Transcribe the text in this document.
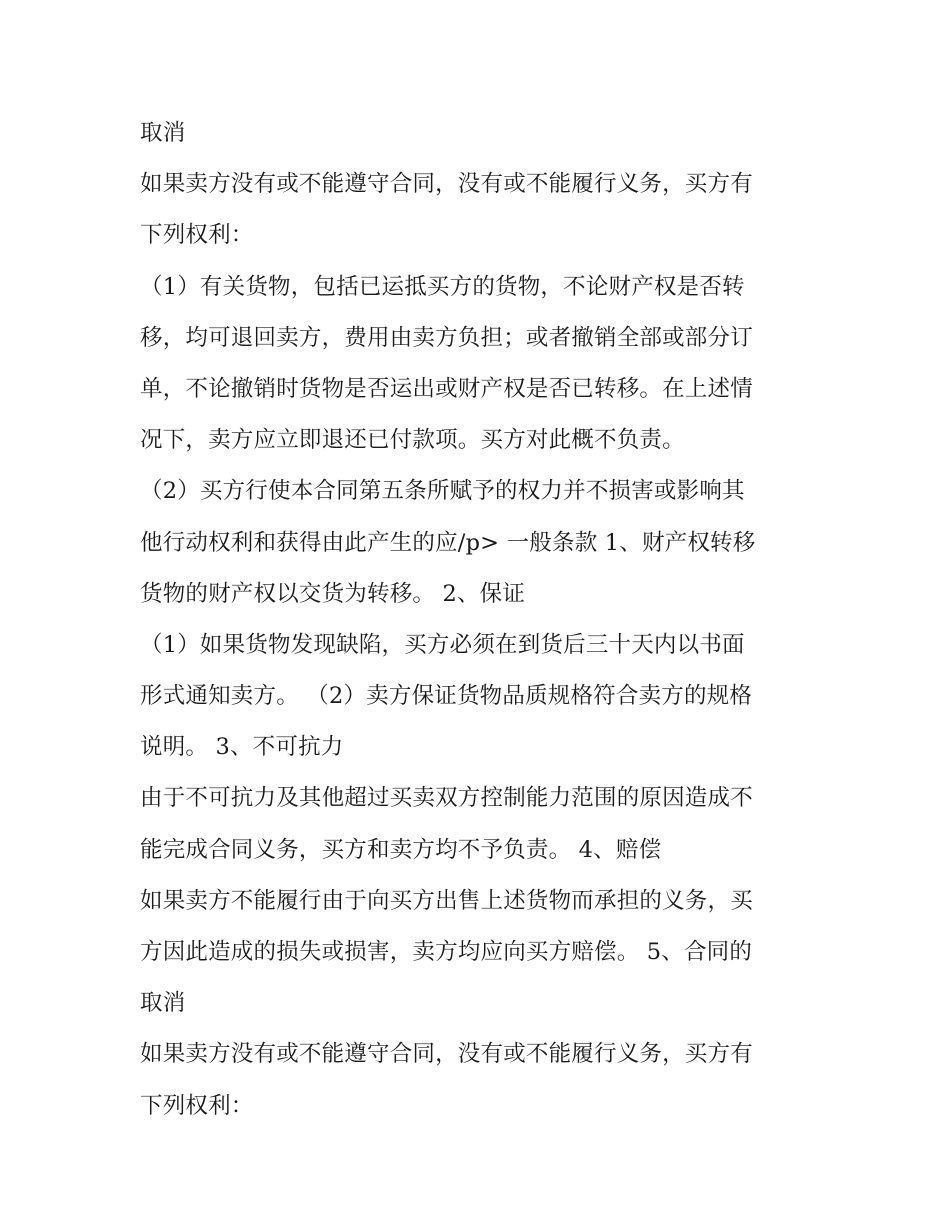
取消
如果卖方没有或不能遵守合同，没有或不能履行义务，买方有
下列权利：
（1）有关货物，包括已运抵买方的货物，不论财产权是否转
移，均可退回卖方，费用由卖方负担；或者撤销全部或部分订
单，不论撤销时货物是否运出或财产权是否已转移。在上述情
况下，卖方应立即退还已付款项。买方对此概不负责。
（2）买方行使本合同第五条所赋予的权力并不损害或影响其
他行动权利和获得由此产生的应/p> 一般条款 1、财产权转移
货物的财产权以交货为转移。 2、保证
（1）如果货物发现缺陷，买方必须在到货后三十天内以书面
形式通知卖方。 （2）卖方保证货物品质规格符合卖方的规格
说明。 3、不可抗力
由于不可抗力及其他超过买卖双方控制能力范围的原因造成不
能完成合同义务，买方和卖方均不予负责。 4、赔偿
如果卖方不能履行由于向买方出售上述货物而承担的义务，买
方因此造成的损失或损害，卖方均应向买方赔偿。 5、合同的
取消
如果卖方没有或不能遵守合同，没有或不能履行义务，买方有
下列权利：
